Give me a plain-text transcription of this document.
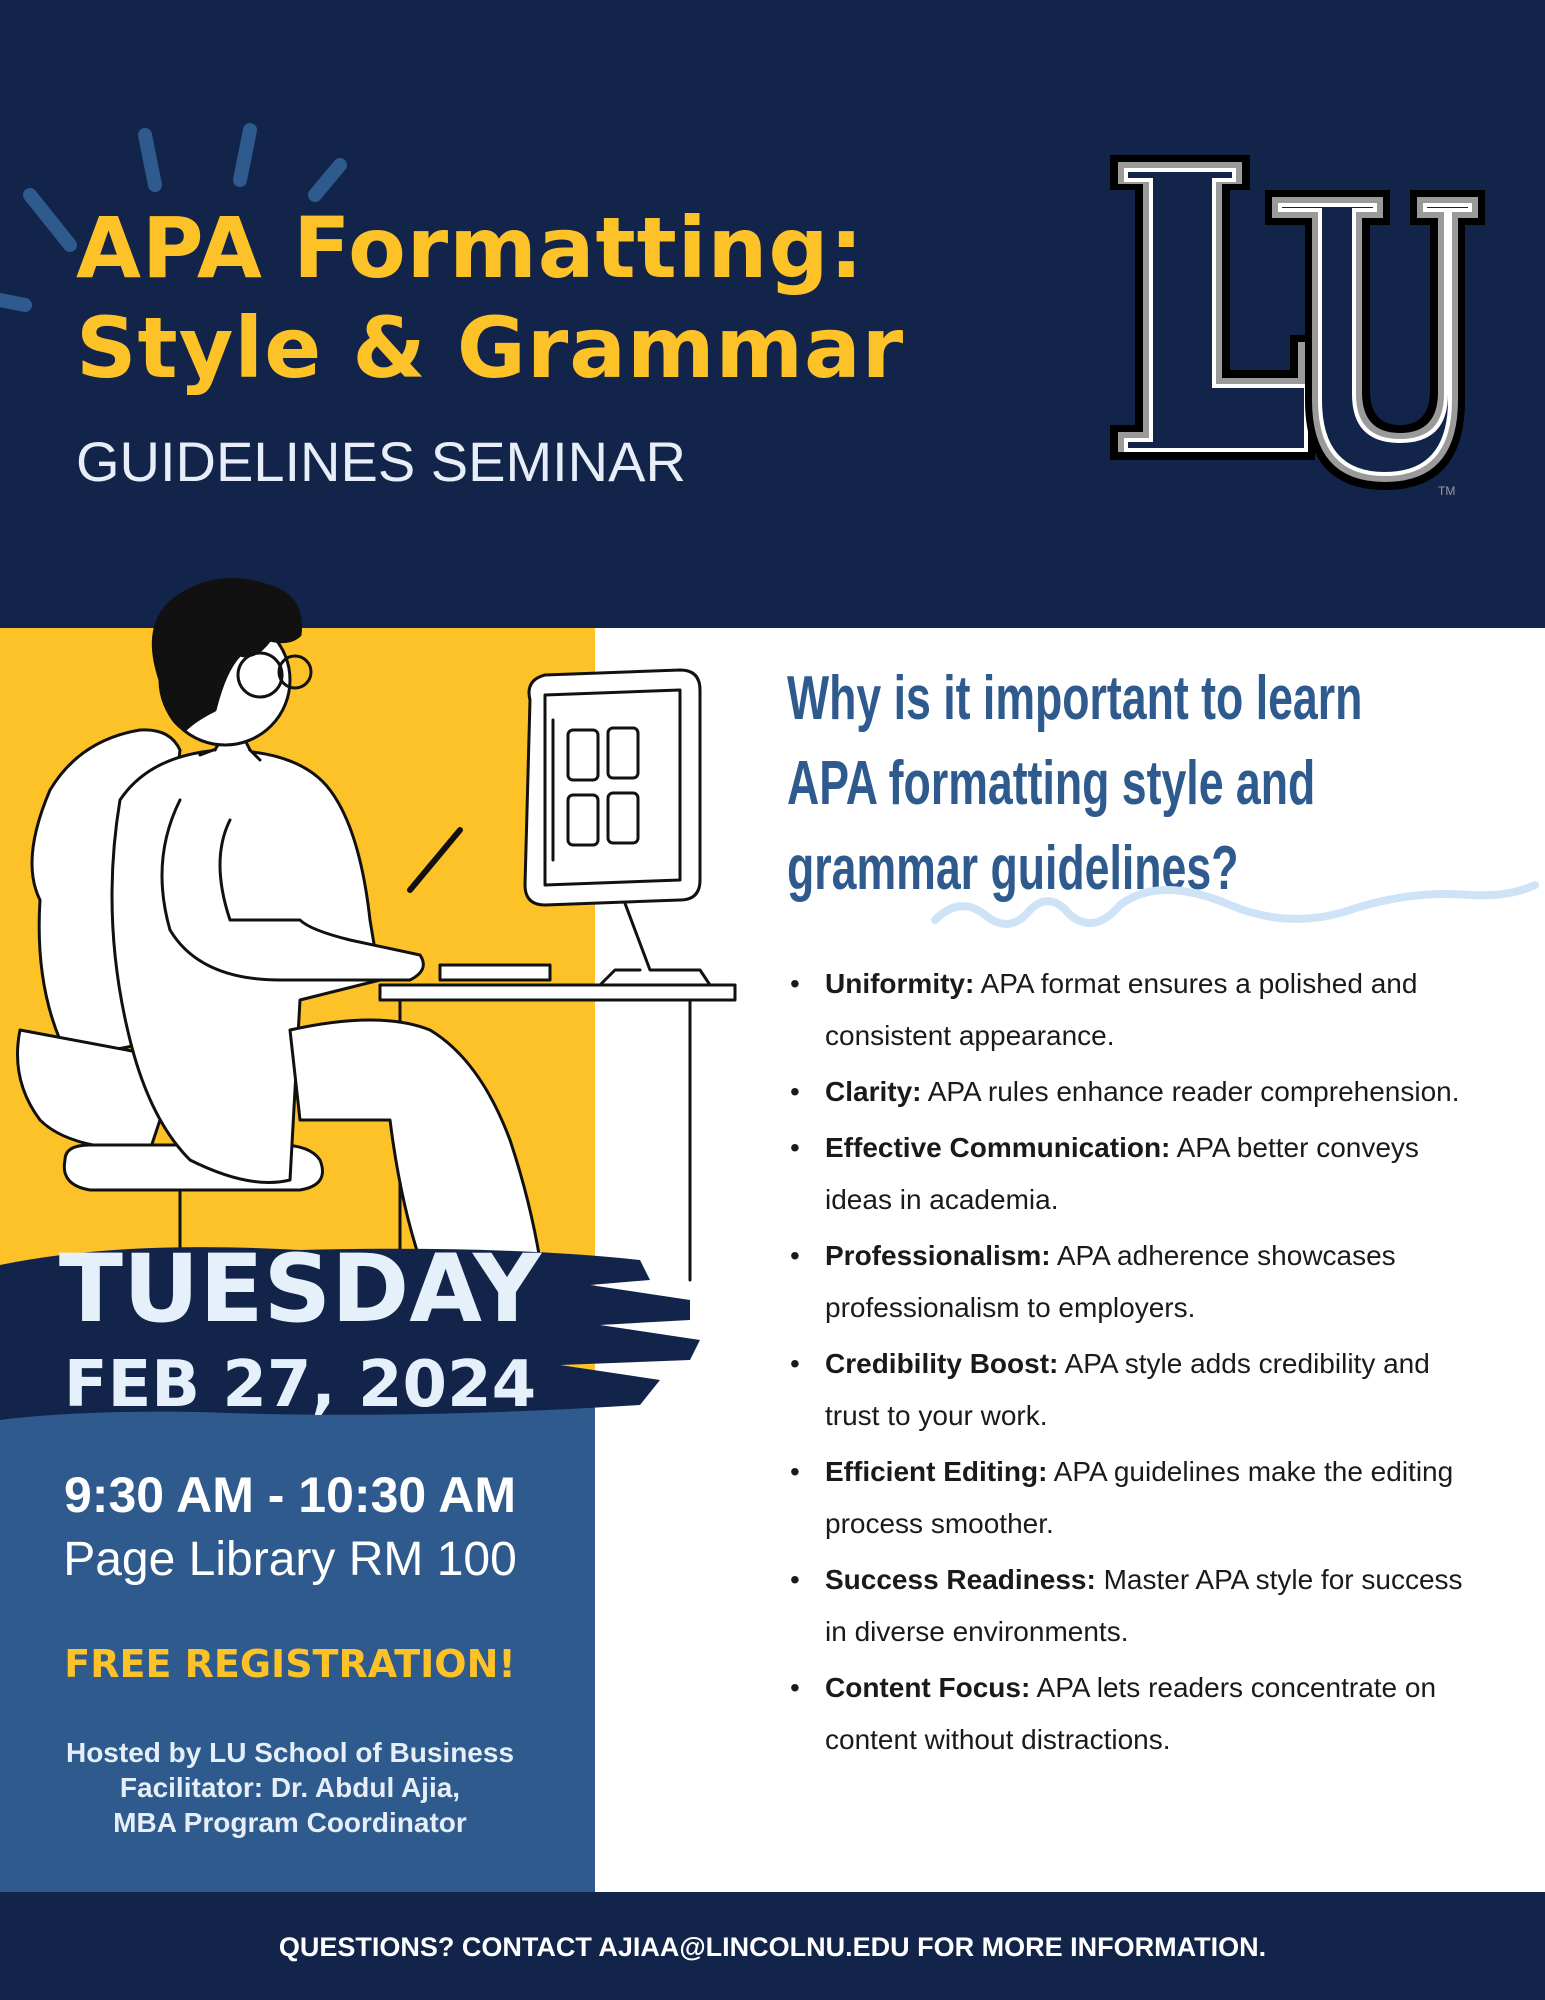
APA Formatting:
Style & Grammar
GUIDELINES SEMINAR	TM
TUESDAY
FEB 27, 2024
9:30 AM - 10:30 AM
Page Library RM 100
FREE REGISTRATION!
Hosted by LU School of Business
Facilitator: Dr. Abdul Ajia,
MBA Program Coordinator
Why is it important to learn
APA formatting style and
grammar guidelines?
• Uniformity: APA format ensures a polished and consistent appearance.
• Clarity: APA rules enhance reader comprehension.
• Effective Communication: APA better conveys ideas in academia.
• Professionalism: APA adherence showcases professionalism to employers.
• Credibility Boost: APA style adds credibility and trust to your work.
• Efficient Editing: APA guidelines make the editing process smoother.
• Success Readiness: Master APA style for success in diverse environments.
• Content Focus: APA lets readers concentrate on content without distractions.
QUESTIONS? CONTACT AJIAA@LINCOLNU.EDU FOR MORE INFORMATION.
